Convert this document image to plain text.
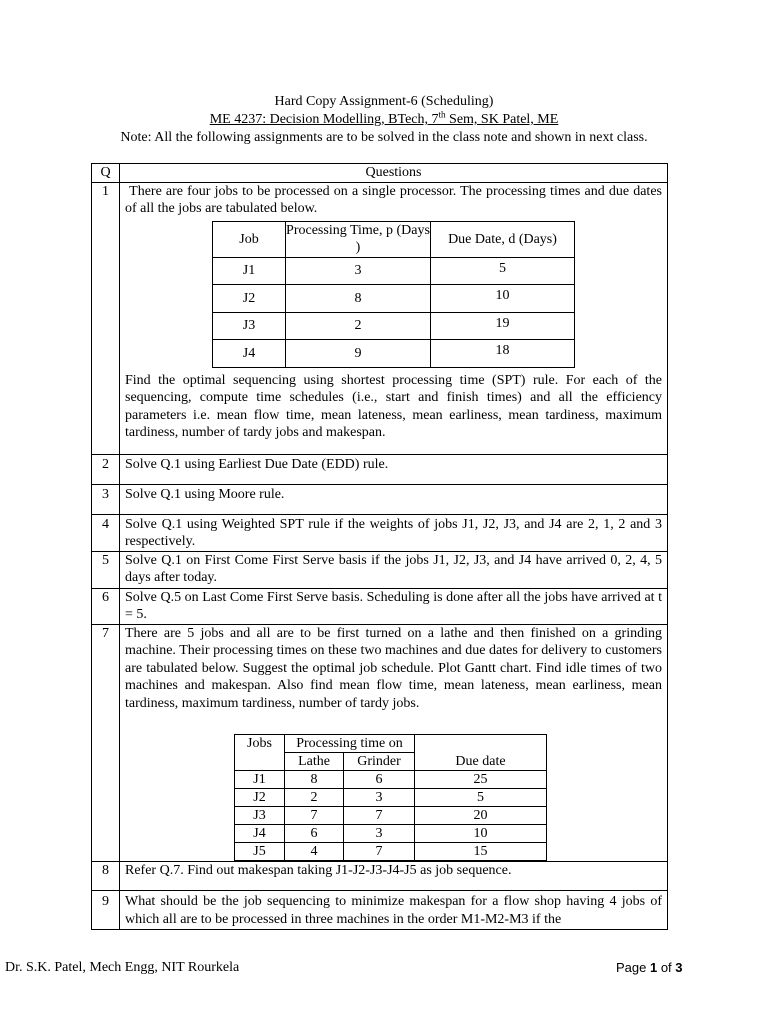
Hard Copy Assignment-6 (Scheduling)
ME 4237: Decision Modelling, BTech, 7th Sem, SK Patel, ME
Note: All the following assignments are to be solved in the class note and shown in next class.
Q	Questions
1	There are four jobs to be processed on a single processor. The processing times and due dates of all the jobs are tabulated below.
Job	Processing Time, p (Days )	Due Date, d (Days)
J1	3	5
J2	8	10
J3	2	19
J4	9	18
Find the optimal sequencing using shortest processing time (SPT) rule. For each of the sequencing, compute time schedules (i.e., start and finish times) and all the efficiency parameters i.e. mean flow time, mean lateness, mean earliness, mean tardiness, maximum tardiness, number of tardy jobs and makespan.

2	Solve Q.1 using Earliest Due Date (EDD) rule.
3	Solve Q.1 using Moore rule.
4	Solve Q.1 using Weighted SPT rule if the weights of jobs J1, J2, J3, and J4 are 2, 1, 2 and 3 respectively.
5	Solve Q.1 on First Come First Serve basis if the jobs J1, J2, J3, and J4 have arrived 0, 2, 4, 5 days after today.
6	Solve Q.5 on Last Come First Serve basis. Scheduling is done after all the jobs have arrived at t = 5.
7	There are 5 jobs and all are to be first turned on a lathe and then finished on a grinding machine. Their processing times on these two machines and due dates for delivery to customers are tabulated below. Suggest the optimal job schedule. Plot Gantt chart. Find idle times of two machines and makespan. Also find mean flow time, mean lateness, mean earliness, mean tardiness, maximum tardiness, number of tardy jobs.
Jobs	Processing time on	
	Lathe	Grinder	Due date
J1	8	6	25
J2	2	3	5
J3	7	7	20
J4	6	3	10
J5	4	7	15

8	Refer Q.7. Find out makespan taking J1-J2-J3-J4-J5 as job sequence.
9	What should be the job sequencing to minimize makespan for a flow shop having 4 jobs of which all are to be processed in three machines in the order M1-M2-M3 if the
Dr. S.K. Patel, Mech Engg, NIT Rourkela	Page 1 of 3
